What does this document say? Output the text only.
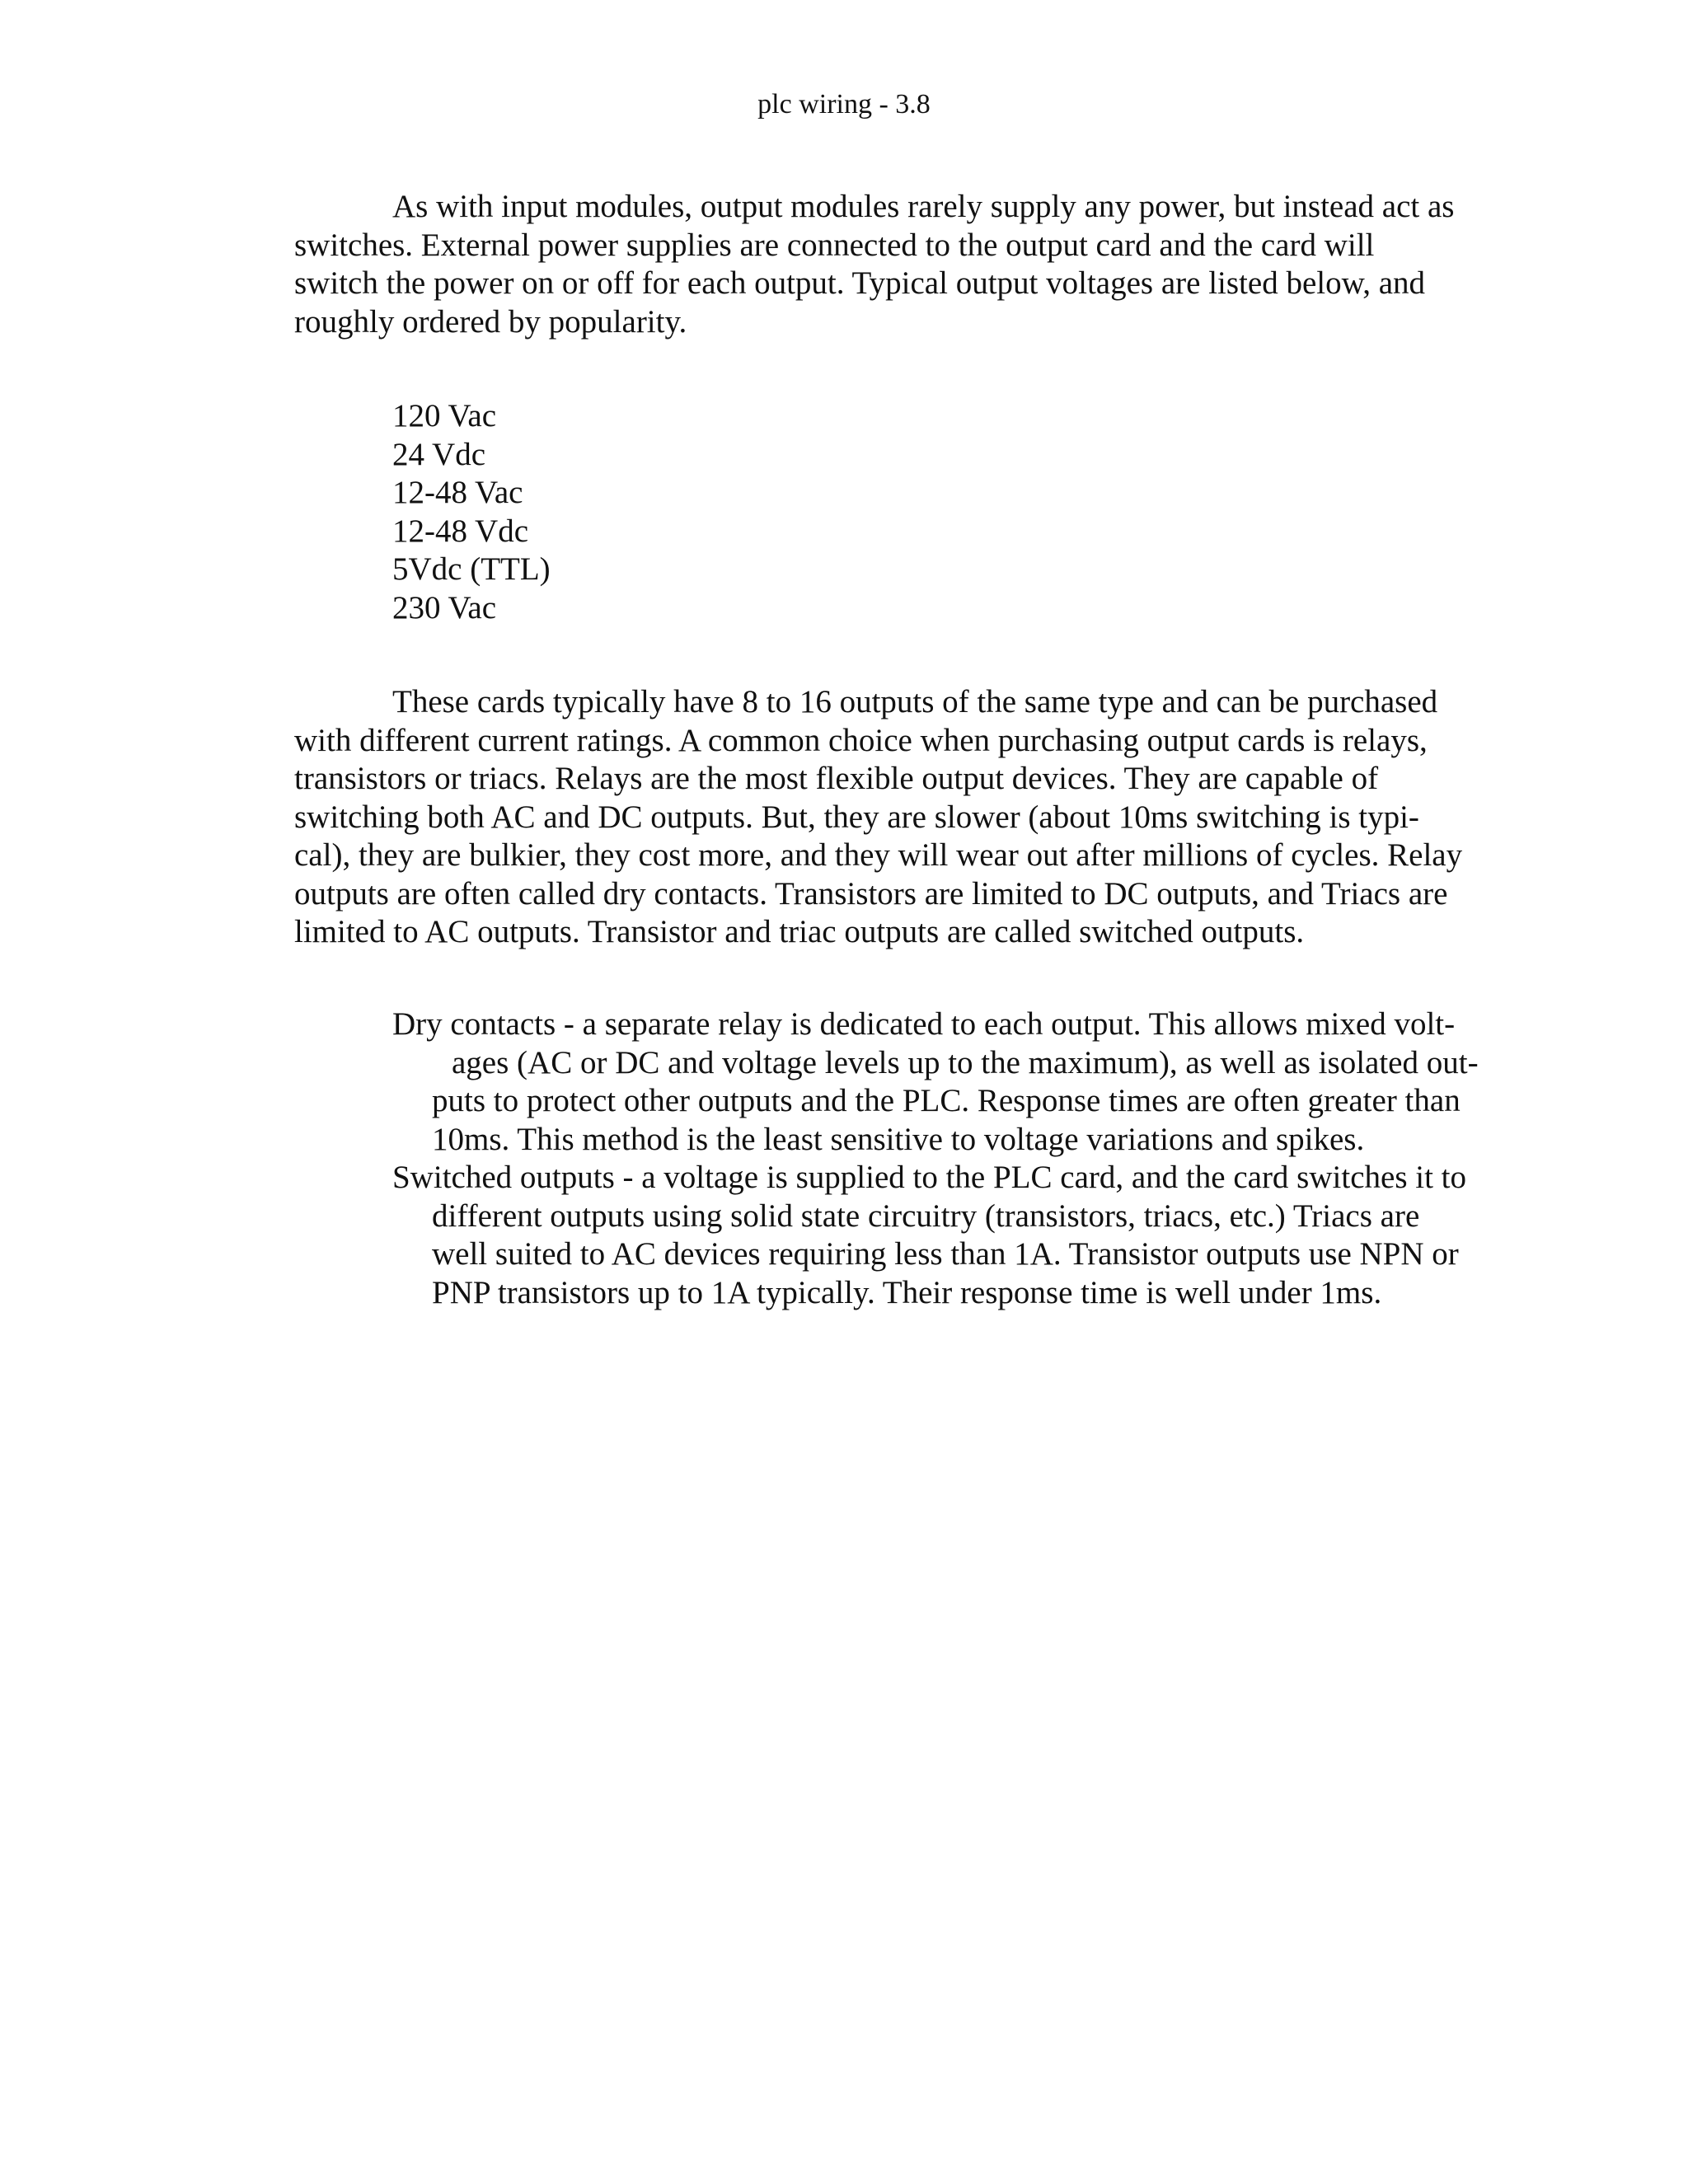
plc wiring - 3.8

As with input modules, output modules rarely supply any power, but instead act as
switches. External power supplies are connected to the output card and the card will
switch the power on or off for each output. Typical output voltages are listed below, and
roughly ordered by popularity.

120 Vac
24 Vdc
12-48 Vac
12-48 Vdc
5Vdc (TTL)
230 Vac

These cards typically have 8 to 16 outputs of the same type and can be purchased
with different current ratings. A common choice when purchasing output cards is relays,
transistors or triacs. Relays are the most flexible output devices. They are capable of
switching both AC and DC outputs. But, they are slower (about 10ms switching is typi-
cal), they are bulkier, they cost more, and they will wear out after millions of cycles. Relay
outputs are often called dry contacts. Transistors are limited to DC outputs, and Triacs are
limited to AC outputs. Transistor and triac outputs are called switched outputs.

Dry contacts - a separate relay is dedicated to each output. This allows mixed volt-
ages (AC or DC and voltage levels up to the maximum), as well as isolated out-
puts to protect other outputs and the PLC. Response times are often greater than
10ms. This method is the least sensitive to voltage variations and spikes.
Switched outputs - a voltage is supplied to the PLC card, and the card switches it to
different outputs using solid state circuitry (transistors, triacs, etc.) Triacs are
well suited to AC devices requiring less than 1A. Transistor outputs use NPN or
PNP transistors up to 1A typically. Their response time is well under 1ms.
